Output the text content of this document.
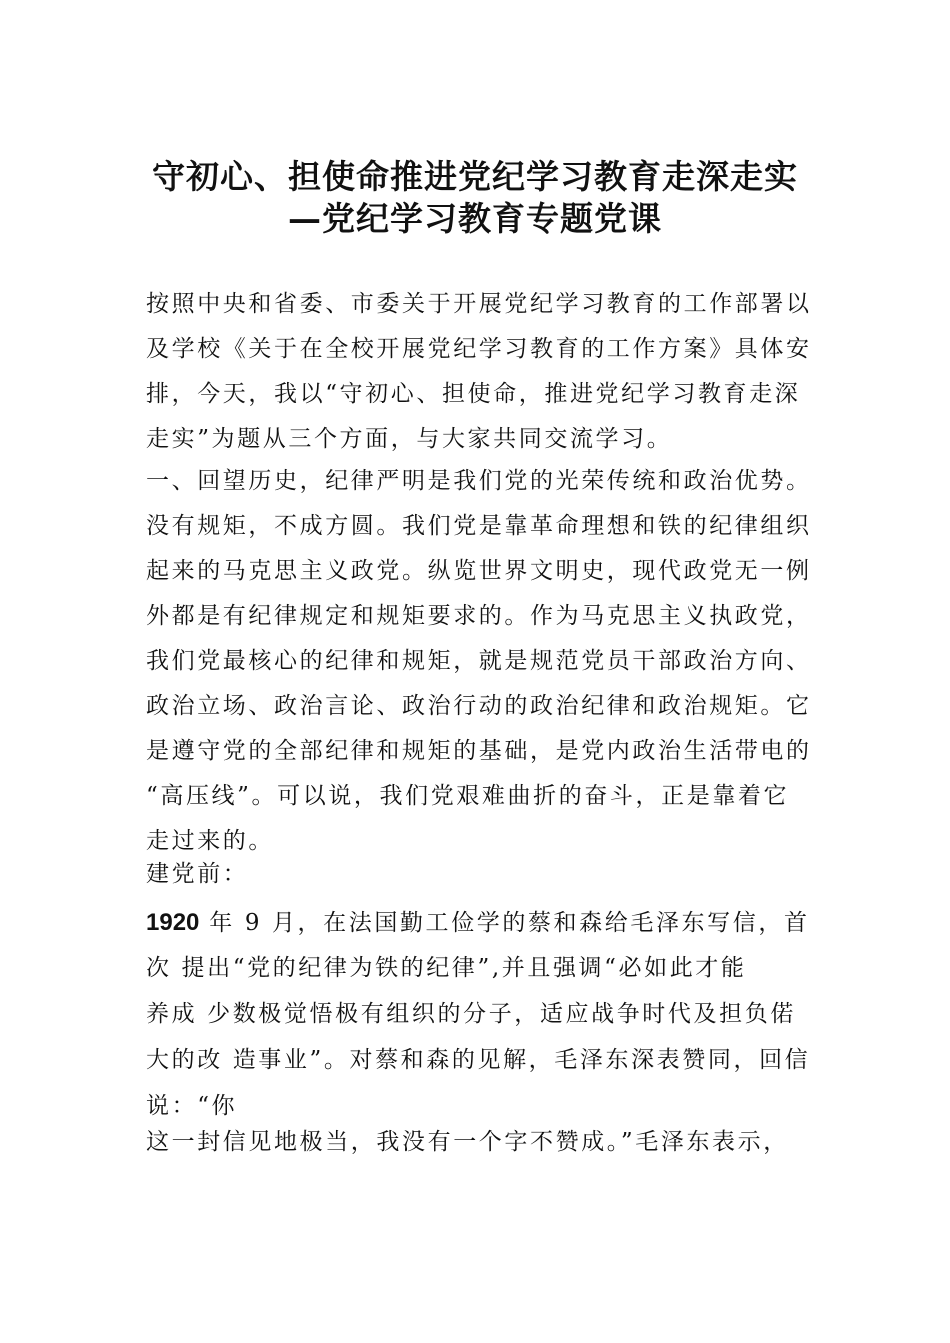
守初心、担使命推进党纪学习教育走深走实
—党纪学习教育专题党课
按照中央和省委、市委关于开展党纪学习教育的工作部署以
及学校《关于在全校开展党纪学习教育的工作方案》具体安
排，今天，我以“守初心、担使命，推进党纪学习教育走深
走实”为题从三个方面，与大家共同交流学习。
一、回望历史，纪律严明是我们党的光荣传统和政治优势。
没有规矩，不成方圆。我们党是靠革命理想和铁的纪律组织
起来的马克思主义政党。纵览世界文明史，现代政党无一例
外都是有纪律规定和规矩要求的。作为马克思主义执政党，
我们党最核心的纪律和规矩，就是规范党员干部政治方向、
政治立场、政治言论、政治行动的政治纪律和政治规矩。它
是遵守党的全部纪律和规矩的基础，是党内政治生活带电的
“高压线”。可以说，我们党艰难曲折的奋斗，正是靠着它
走过来的。
建党前：
1920 年 9 月，在法国勤工俭学的蔡和森给毛泽东写信，首
次 提出“党的纪律为铁的纪律”,并且强调“必如此才能
养成 少数极觉悟极有组织的分子，适应战争时代及担负偌
大的改 造事业”。对蔡和森的见解，毛泽东深表赞同，回信
说：“你
这一封信见地极当，我没有一个字不赞成。”毛泽东表示，
